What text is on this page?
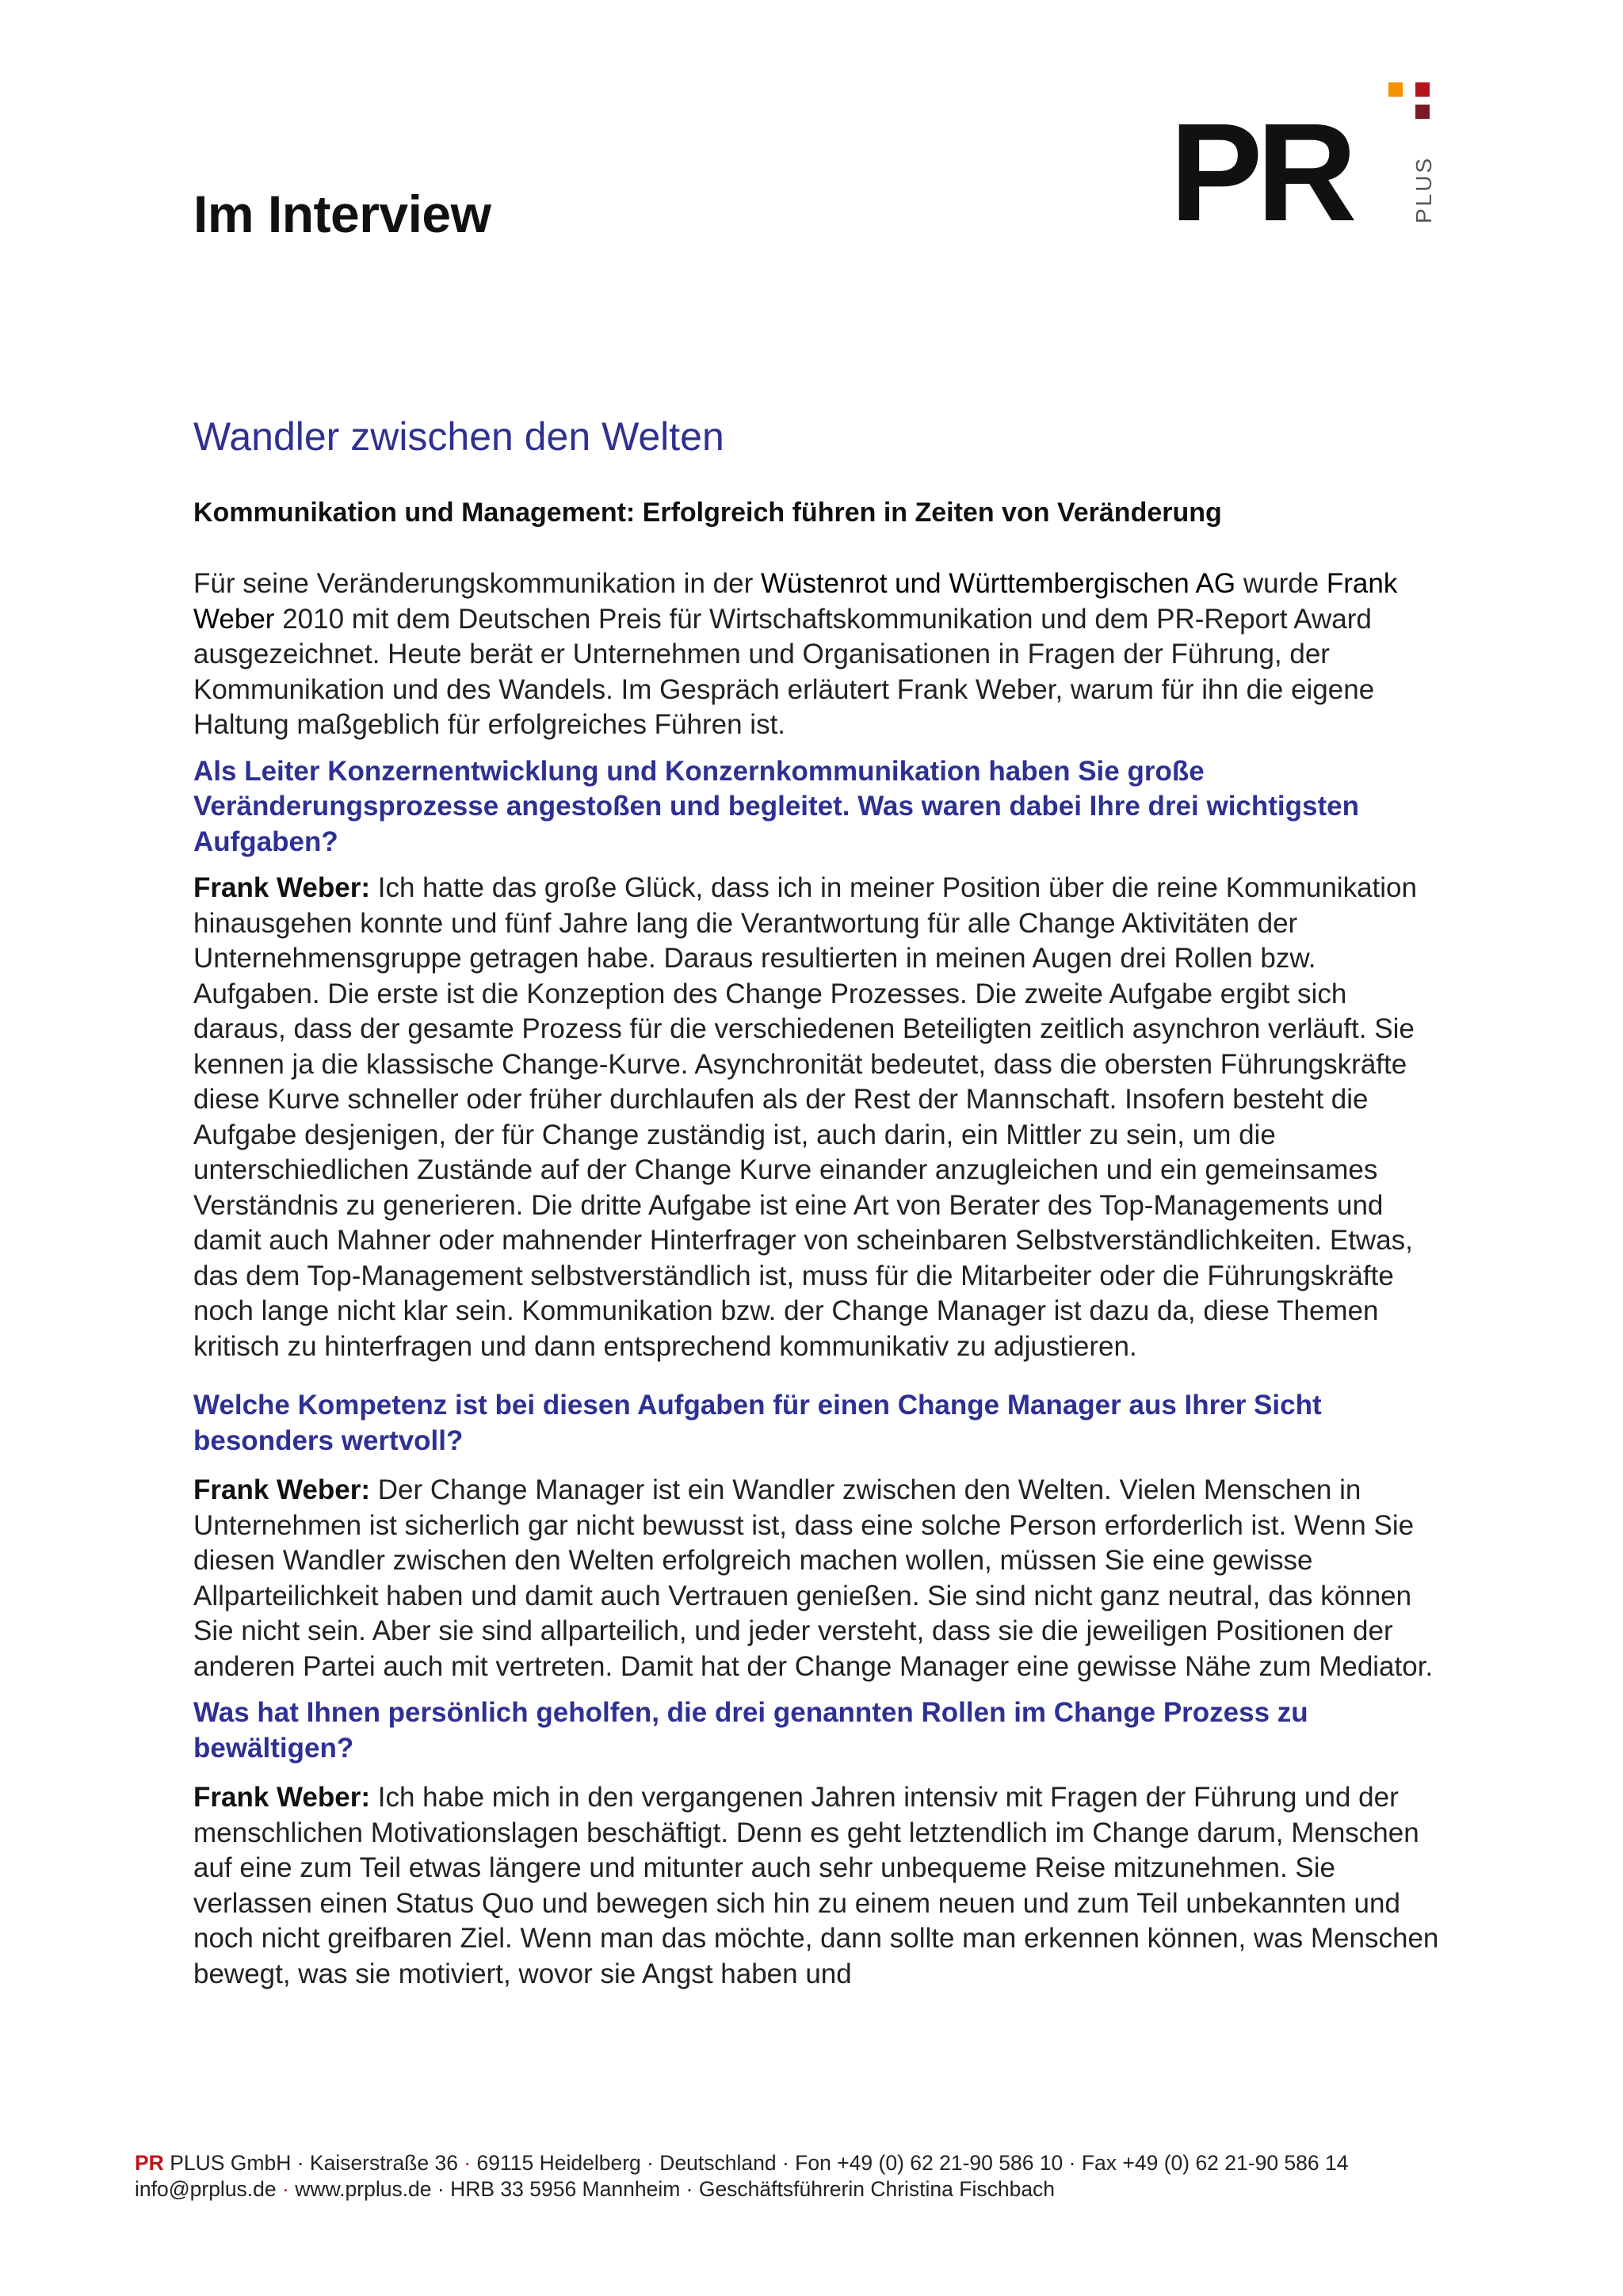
Im Interview	PR	PLUS
Wandler zwischen den Welten
Kommunikation und Management: Erfolgreich führen in Zeiten von Veränderung

Für seine Veränderungskommunikation in der Wüstenrot und Württembergischen AG wurde Frank Weber 2010 mit dem Deutschen Preis für Wirtschaftskommunikation und dem PR-Report Award ausgezeichnet. Heute berät er Unternehmen und Organisationen in Fragen der Führung, der Kommunikation und des Wandels. Im Gespräch erläutert Frank Weber, warum für ihn die eigene Haltung maßgeblich für erfolgreiches Führen ist.

Als Leiter Konzernentwicklung und Konzernkommunikation haben Sie große Veränderungsprozesse angestoßen und begleitet. Was waren dabei Ihre drei wichtigsten Aufgaben?

Frank Weber: Ich hatte das große Glück, dass ich in meiner Position über die reine Kommunikation hinausgehen konnte und fünf Jahre lang die Verantwortung für alle Change Aktivitäten der Unternehmensgruppe getragen habe. Daraus resultierten in meinen Augen drei Rollen bzw. Aufgaben. Die erste ist die Konzeption des Change Prozesses. Die zweite Aufgabe ergibt sich daraus, dass der gesamte Prozess für die verschiedenen Beteiligten zeitlich asynchron verläuft. Sie kennen ja die klassische Change-Kurve. Asynchronität bedeutet, dass die obersten Führungskräfte diese Kurve schneller oder früher durchlaufen als der Rest der Mannschaft. Insofern besteht die Aufgabe desjenigen, der für Change zuständig ist, auch darin, ein Mittler zu sein, um die unterschiedlichen Zustände auf der Change Kurve einander anzugleichen und ein gemeinsames Verständnis zu generieren. Die dritte Aufgabe ist eine Art von Berater des Top-Managements und damit auch Mahner oder mahnender Hinterfrager von scheinbaren Selbstverständlichkeiten. Etwas, das dem Top-Management selbstverständlich ist, muss für die Mitarbeiter oder die Führungskräfte noch lange nicht klar sein. Kommunikation bzw. der Change Manager ist dazu da, diese Themen kritisch zu hinterfragen und dann entsprechend kommunikativ zu adjustieren.

Welche Kompetenz ist bei diesen Aufgaben für einen Change Manager aus Ihrer Sicht besonders wertvoll?

Frank Weber: Der Change Manager ist ein Wandler zwischen den Welten. Vielen Menschen in Unternehmen ist sicherlich gar nicht bewusst ist, dass eine solche Person erforderlich ist. Wenn Sie diesen Wandler zwischen den Welten erfolgreich machen wollen, müssen Sie eine gewisse Allparteilichkeit haben und damit auch Vertrauen genießen. Sie sind nicht ganz neutral, das können Sie nicht sein. Aber sie sind allparteilich, und jeder versteht, dass sie die jeweiligen Positionen der anderen Partei auch mit vertreten. Damit hat der Change Manager eine gewisse Nähe zum Mediator.

Was hat Ihnen persönlich geholfen, die drei genannten Rollen im Change Prozess zu bewältigen?

Frank Weber: Ich habe mich in den vergangenen Jahren intensiv mit Fragen der Führung und der menschlichen Motivationslagen beschäftigt. Denn es geht letztendlich im Change darum, Menschen auf eine zum Teil etwas längere und mitunter auch sehr unbequeme Reise mitzunehmen. Sie verlassen einen Status Quo und bewegen sich hin zu einem neuen und zum Teil unbekannten und noch nicht greifbaren Ziel. Wenn man das möchte, dann sollte man erkennen können, was Menschen bewegt, was sie motiviert, wovor sie Angst haben und

PR PLUS GmbH · Kaiserstraße 36 · 69115 Heidelberg · Deutschland · Fon +49 (0) 62 21-90 586 10 · Fax +49 (0) 62 21-90 586 14
info@prplus.de · www.prplus.de · HRB 33 5956 Mannheim · Geschäftsführerin Christina Fischbach
